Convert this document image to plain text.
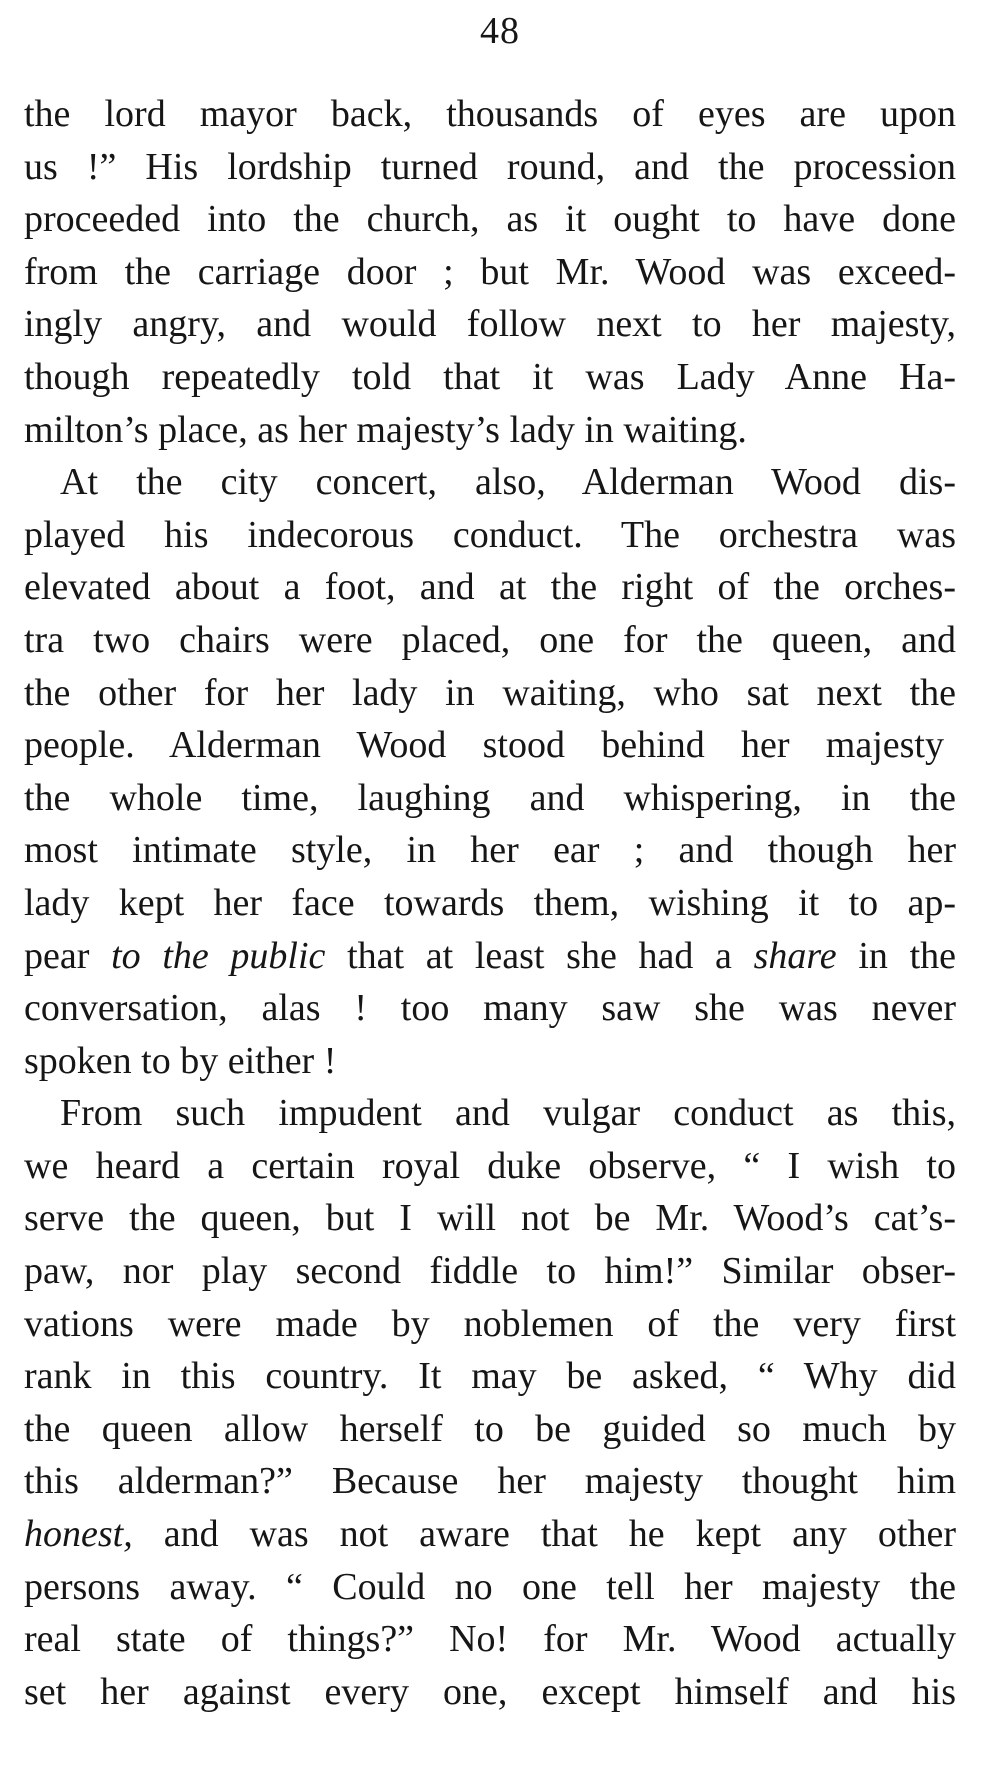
48
the lord mayor back, thousands of eyes are upon
us !” His lordship turned round, and the procession
proceeded into the church, as it ought to have done
from the carriage door ; but Mr. Wood was exceed-
ingly angry, and would follow next to her majesty,
though repeatedly told that it was Lady Anne Ha-
milton’s place, as her majesty’s lady in waiting.
At the city concert, also, Alderman Wood dis-
played his indecorous conduct. The orchestra was
elevated about a foot, and at the right of the orches-
tra two chairs were placed, one for the queen, and
the other for her lady in waiting, who sat next the
people. Alderman Wood stood behind her majesty
the whole time, laughing and whispering, in the
most intimate style, in her ear ; and though her
lady kept her face towards them, wishing it to ap-
pear to the public that at least she had a share in the
conversation, alas ! too many saw she was never
spoken to by either !
From such impudent and vulgar conduct as this,
we heard a certain royal duke observe, “ I wish to
serve the queen, but I will not be Mr. Wood’s cat’s-
paw, nor play second fiddle to him!” Similar obser-
vations were made by noblemen of the very first
rank in this country. It may be asked, “ Why did
the queen allow herself to be guided so much by
this alderman?” Because her majesty thought him
honest, and was not aware that he kept any other
persons away. “ Could no one tell her majesty the
real state of things?” No! for Mr. Wood actually
set her against every one, except himself and his
